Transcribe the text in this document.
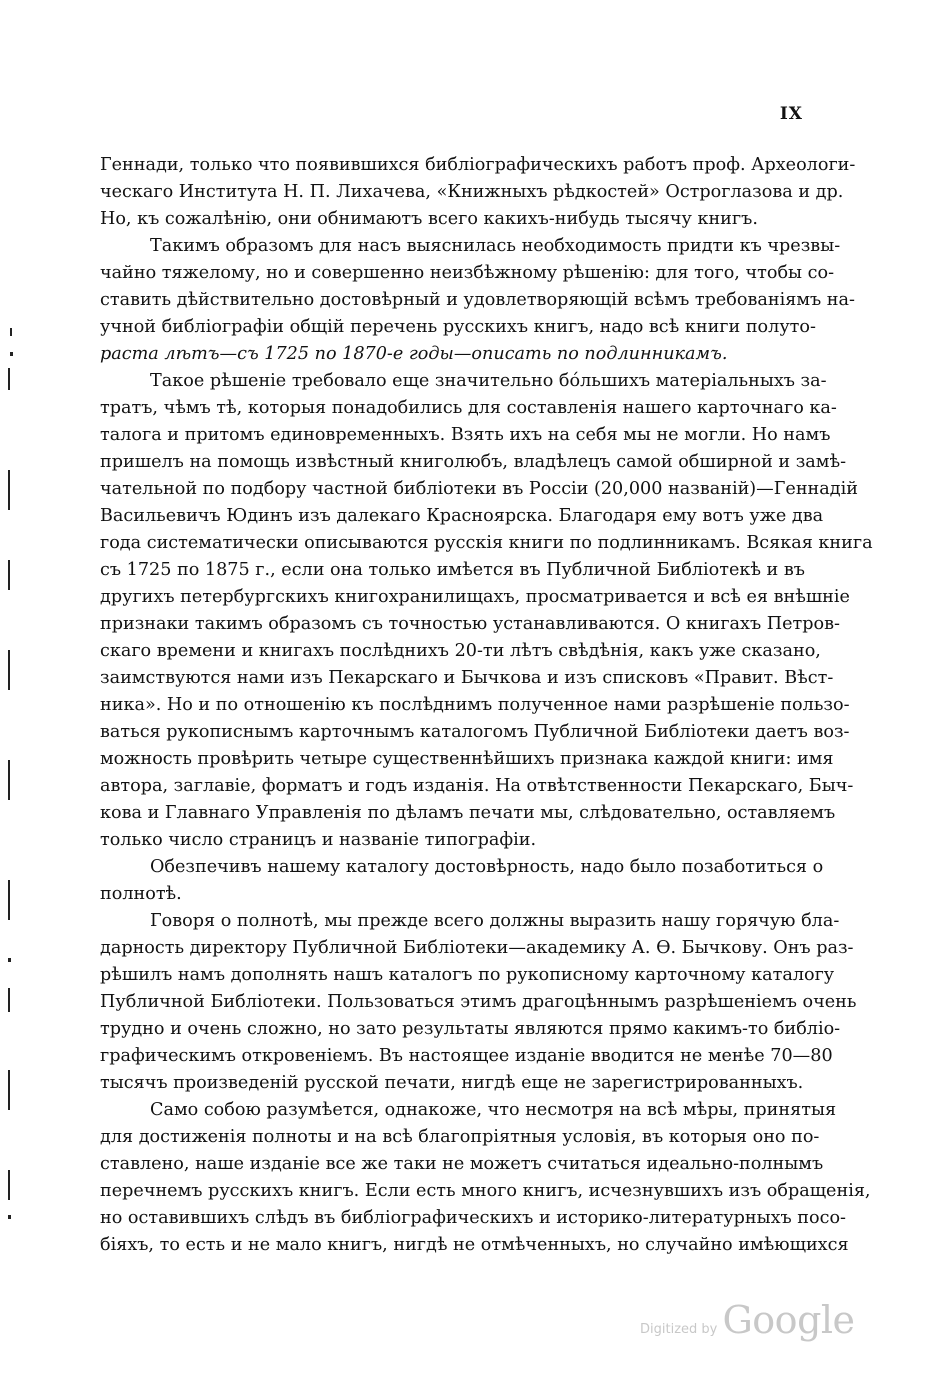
IX
Геннади, только что появившихся библіографическихъ работъ проф. Археологи-
ческаго Института Н. П. Лихачева, «Книжныхъ рѣдкостей» Остроглазова и др.
Но, къ сожалѣнію, они обнимаютъ всего какихъ-нибудь тысячу книгъ.
Такимъ образомъ для насъ выяснилась необходимость придти къ чрезвы-
чайно тяжелому, но и совершенно неизбѣжному рѣшенію: для того, чтобы со-
ставить дѣйствительно достовѣрный и удовлетворяющій всѣмъ требованіямъ на-
учной библіографіи общій перечень русскихъ книгъ, надо всѣ книги полуто-
раста лѣтъ—съ 1725 по 1870-е годы—описать по подлинникамъ.
Такое рѣшеніе требовало еще значительно бо́льшихъ матеріальныхъ за-
тратъ, чѣмъ тѣ, которыя понадобились для составленія нашего карточнаго ка-
талога и притомъ единовременныхъ. Взять ихъ на себя мы не могли. Но намъ
пришелъ на помощь извѣстный книголюбъ, владѣлецъ самой обширной и замѣ-
чательной по подбору частной библіотеки въ Россіи (20,000 названій)—Геннадій
Васильевичъ Юдинъ изъ далекаго Красноярска. Благодаря ему вотъ уже два
года систематически описываются русскія книги по подлинникамъ. Всякая книга
съ 1725 по 1875 г., если она только имѣется въ Публичной Библіотекѣ и въ
другихъ петербургскихъ книгохранилищахъ, просматривается и всѣ ея внѣшніе
признаки такимъ образомъ съ точностью устанавливаются. О книгахъ Петров-
скаго времени и книгахъ послѣднихъ 20-ти лѣтъ свѣдѣнія, какъ уже сказано,
заимствуются нами изъ Пекарскаго и Бычкова и изъ списковъ «Правит. Вѣст-
ника». Но и по отношенію къ послѣднимъ полученное нами разрѣшеніе пользо-
ваться рукописнымъ карточнымъ каталогомъ Публичной Библіотеки даетъ воз-
можность провѣрить четыре существеннѣйшихъ признака каждой книги: имя
автора, заглавіе, форматъ и годъ изданія. На отвѣтственности Пекарскаго, Быч-
кова и Главнаго Управленія по дѣламъ печати мы, слѣдовательно, оставляемъ
только число страницъ и названіе типографіи.
Обезпечивъ нашему каталогу достовѣрность, надо было позаботиться о
полнотѣ.
Говоря о полнотѣ, мы прежде всего должны выразить нашу горячую бла-
дарность директору Публичной Библіотеки—академику А. Ѳ. Бычкову. Онъ раз-
рѣшилъ намъ дополнять нашъ каталогъ по рукописному карточному каталогу
Публичной Библіотеки. Пользоваться этимъ драгоцѣннымъ разрѣшеніемъ очень
трудно и очень сложно, но зато результаты являются прямо какимъ-то библіо-
графическимъ откровеніемъ. Въ настоящее изданіе вводится не менѣе 70—80
тысячъ произведеній русской печати, нигдѣ еще не зарегистрированныхъ.
Само собою разумѣется, однакоже, что несмотря на всѣ мѣры, принятыя
для достиженія полноты и на всѣ благопріятныя условія, въ которыя оно по-
ставлено, наше изданіе все же таки не можетъ считаться идеально-полнымъ
перечнемъ русскихъ книгъ. Если есть много книгъ, исчезнувшихъ изъ обращенія,
но оставившихъ слѣдъ въ библіографическихъ и историко-литературныхъ посо-
біяхъ, то есть и не мало книгъ, нигдѣ не отмѣченныхъ, но случайно имѣющихся
Digitized by Google
